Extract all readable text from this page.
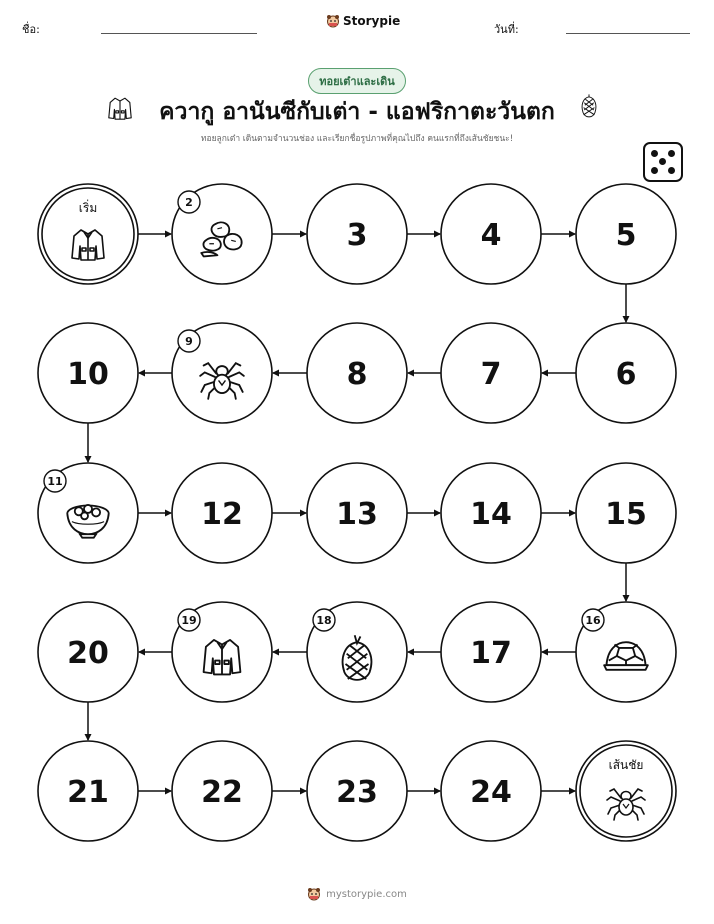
ชื่อ:
Storypie
วันที่:
ทอยเต๋าและเดิน
ควากู อานันซีกับเต่า - แอฟริกาตะวันตก
ทอยลูกเต๋า เดินตามจำนวนช่อง และเรียกชื่อรูปภาพที่คุณไปถึง คนแรกที่ถึงเส้นชัยชนะ!
เริ่ม	2
3	4	5
6
7
8
9
10
11
12	13	14	15
16
17
18
19
20
21	22	23	24
เส้นชัย
mystorypie.com
